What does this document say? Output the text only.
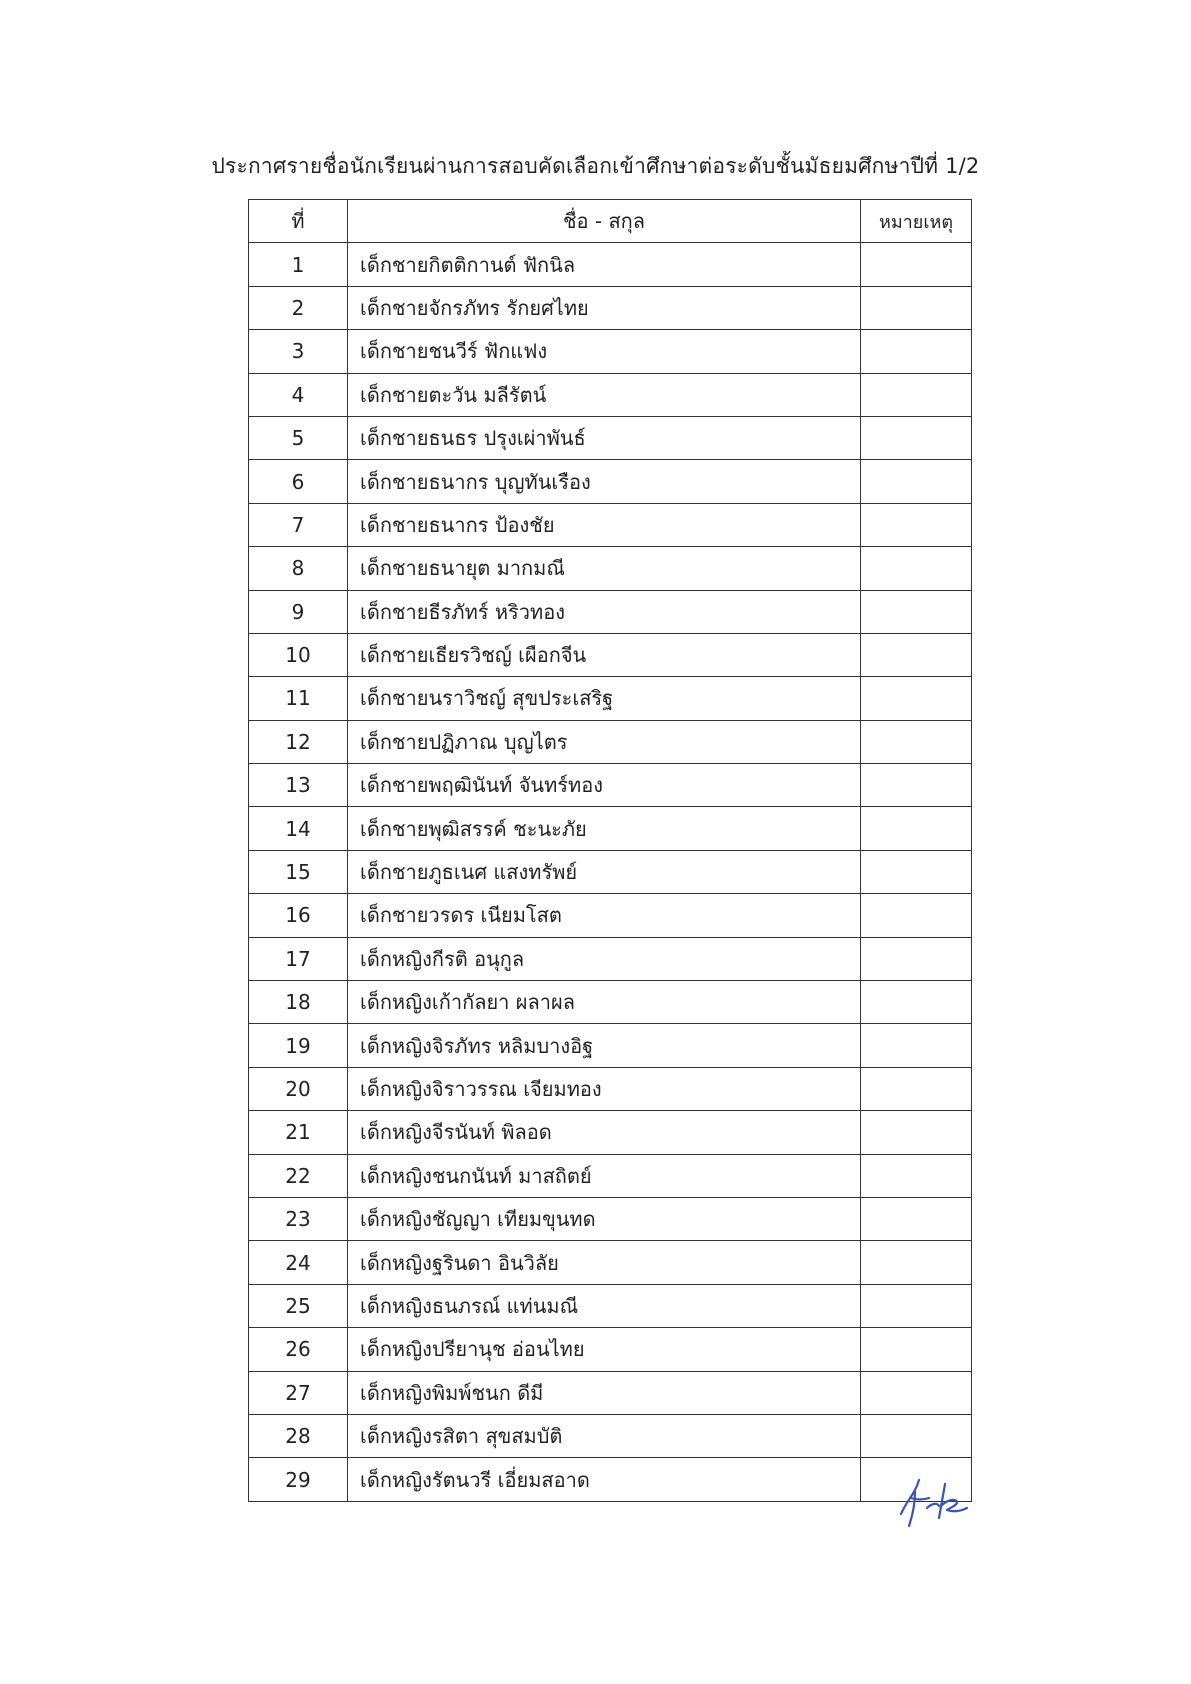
ประกาศรายชื่อนักเรียนผ่านการสอบคัดเลือกเข้าศึกษาต่อระดับชั้นมัธยมศึกษาปีที่ 1/2
ที่	ชื่อ - สกุล	หมายเหตุ
1	เด็กชายกิตติกานต์ ฟักนิล	
2	เด็กชายจักรภัทร รักยศไทย	
3	เด็กชายชนวีร์ ฟักแฟง	
4	เด็กชายตะวัน มลีรัตน์	
5	เด็กชายธนธร ปรุงเผ่าพันธ์	
6	เด็กชายธนากร บุญทันเรือง	
7	เด็กชายธนากร ป้องชัย	
8	เด็กชายธนายุต มากมณี	
9	เด็กชายธีรภัทร์ หริวทอง	
10	เด็กชายเธียรวิชญ์ เผือกจีน	
11	เด็กชายนราวิชญ์ สุขประเสริฐ	
12	เด็กชายปฏิภาณ บุญไตร	
13	เด็กชายพฤฒินันท์ จันทร์ทอง	
14	เด็กชายพุฒิสรรค์ ชะนะภัย	
15	เด็กชายภูธเนศ แสงทรัพย์	
16	เด็กชายวรดร เนียมโสต	
17	เด็กหญิงกีรติ อนุกูล	
18	เด็กหญิงเก้ากัลยา ผลาผล	
19	เด็กหญิงจิรภัทร หลิมบางอิฐ	
20	เด็กหญิงจิราวรรณ เจียมทอง	
21	เด็กหญิงจีรนันท์ พิลอด	
22	เด็กหญิงชนกนันท์ มาสถิตย์	
23	เด็กหญิงชัญญา เทียมขุนทด	
24	เด็กหญิงฐรินดา อินวิลัย	
25	เด็กหญิงธนภรณ์ แท่นมณี	
26	เด็กหญิงปรียานุช อ่อนไทย	
27	เด็กหญิงพิมพ์ชนก ดีมี	
28	เด็กหญิงรสิตา สุขสมบัติ	
29	เด็กหญิงรัตนวรี เอี่ยมสอาด	
